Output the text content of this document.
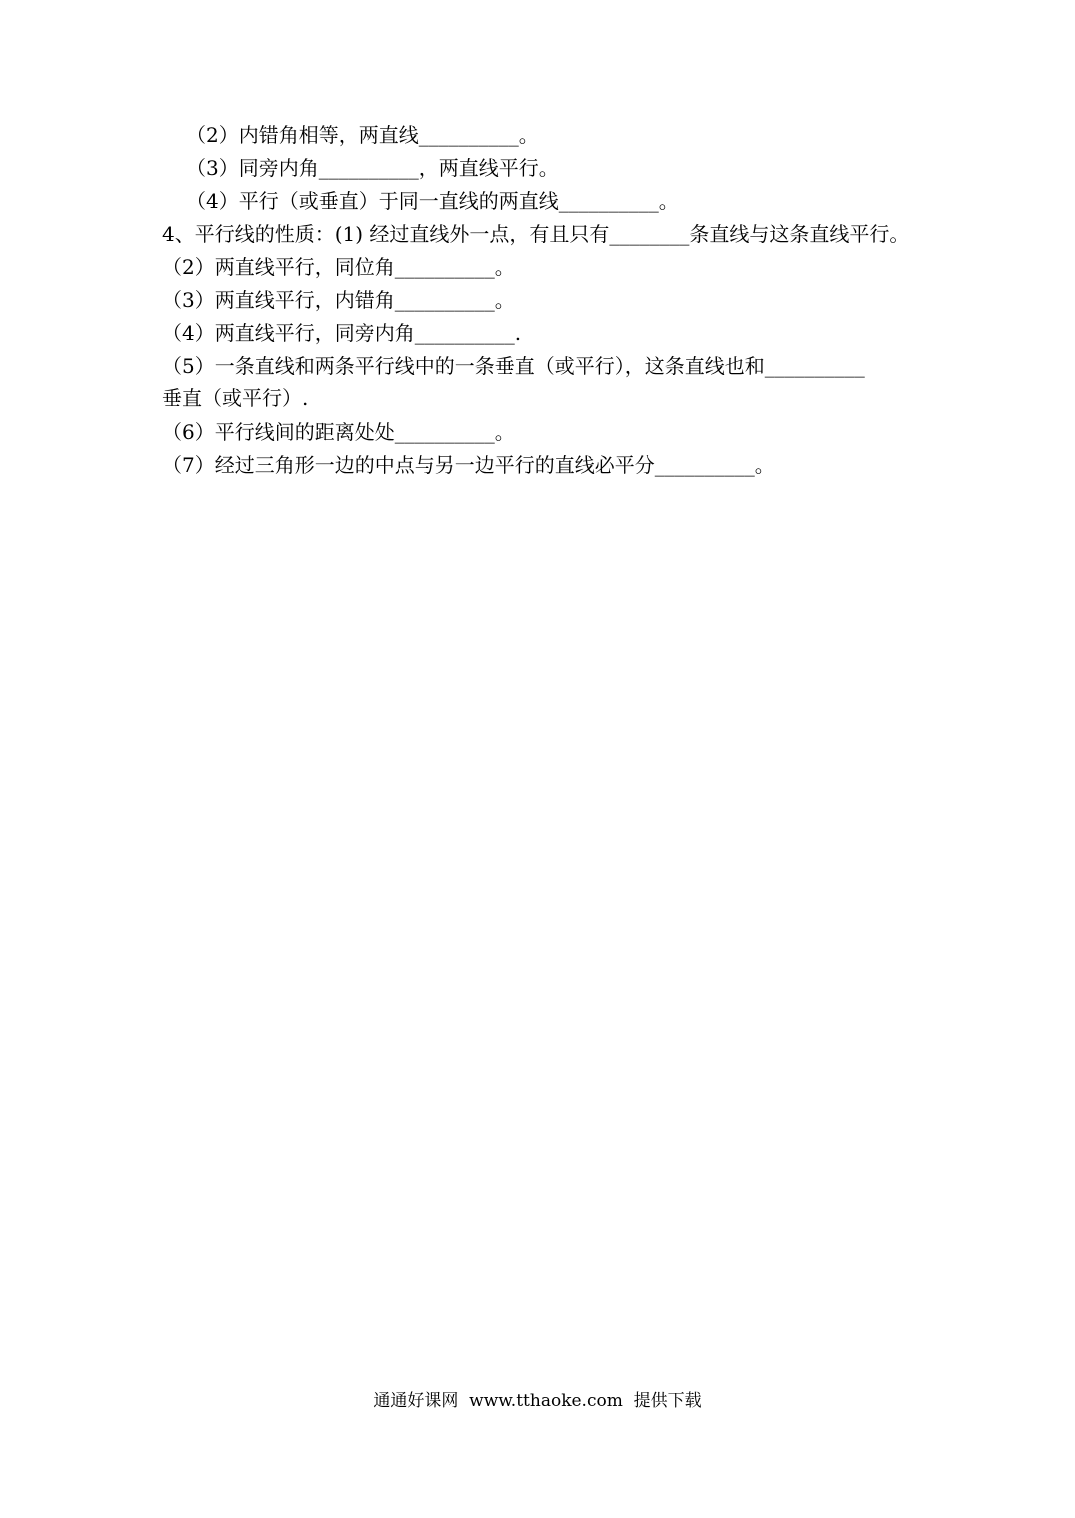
（2）内错角相等，两直线__________。
（3）同旁内角__________，两直线平行。
（4）平行（或垂直）于同一直线的两直线__________。
4、平行线的性质：(1) 经过直线外一点，有且只有________条直线与这条直线平行。
（2）两直线平行，同位角__________。
（3）两直线平行，内错角__________。
（4）两直线平行，同旁内角__________.
（5）一条直线和两条平行线中的一条垂直（或平行），这条直线也和__________
垂直（或平行）.
（6）平行线间的距离处处__________。
（7）经过三角形一边的中点与另一边平行的直线必平分__________。
通通好课网  www.tthaoke.com  提供下载
